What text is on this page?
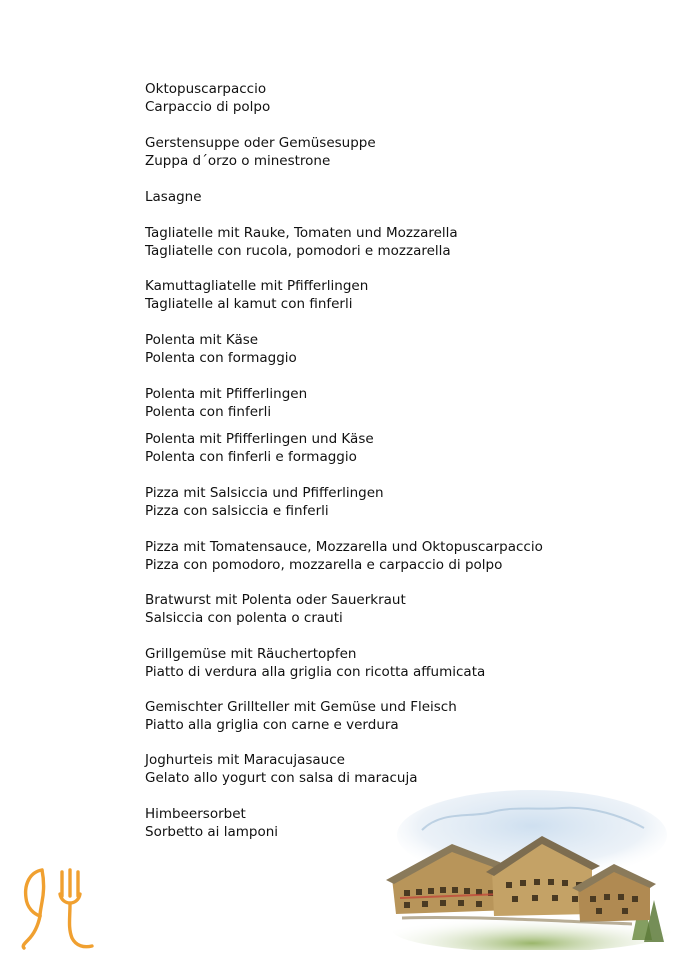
Oktopuscarpaccio
Carpaccio di polpo
Gerstensuppe oder Gemüsesuppe
Zuppa d´orzo o minestrone
Lasagne
Tagliatelle mit Rauke, Tomaten und Mozzarella
Tagliatelle con rucola, pomodori e mozzarella
Kamuttagliatelle mit Pfifferlingen
Tagliatelle al kamut con finferli
Polenta mit Käse
Polenta con formaggio
Polenta mit Pfifferlingen
Polenta con finferli
Polenta mit Pfifferlingen und Käse
Polenta con finferli e formaggio
Pizza mit Salsiccia und Pfifferlingen
Pizza con salsiccia e finferli
Pizza mit Tomatensauce, Mozzarella und Oktopuscarpaccio
Pizza con pomodoro, mozzarella e carpaccio di polpo
Bratwurst mit Polenta oder Sauerkraut
Salsiccia con polenta o crauti
Grillgemüse mit Räuchertopfen
Piatto di verdura alla griglia con ricotta affumicata
Gemischter Grillteller mit Gemüse und Fleisch
Piatto alla griglia con carne e verdura
Joghurteis mit Maracujasauce
Gelato allo yogurt con salsa di maracuja
Himbeersorbet
Sorbetto ai lamponi
